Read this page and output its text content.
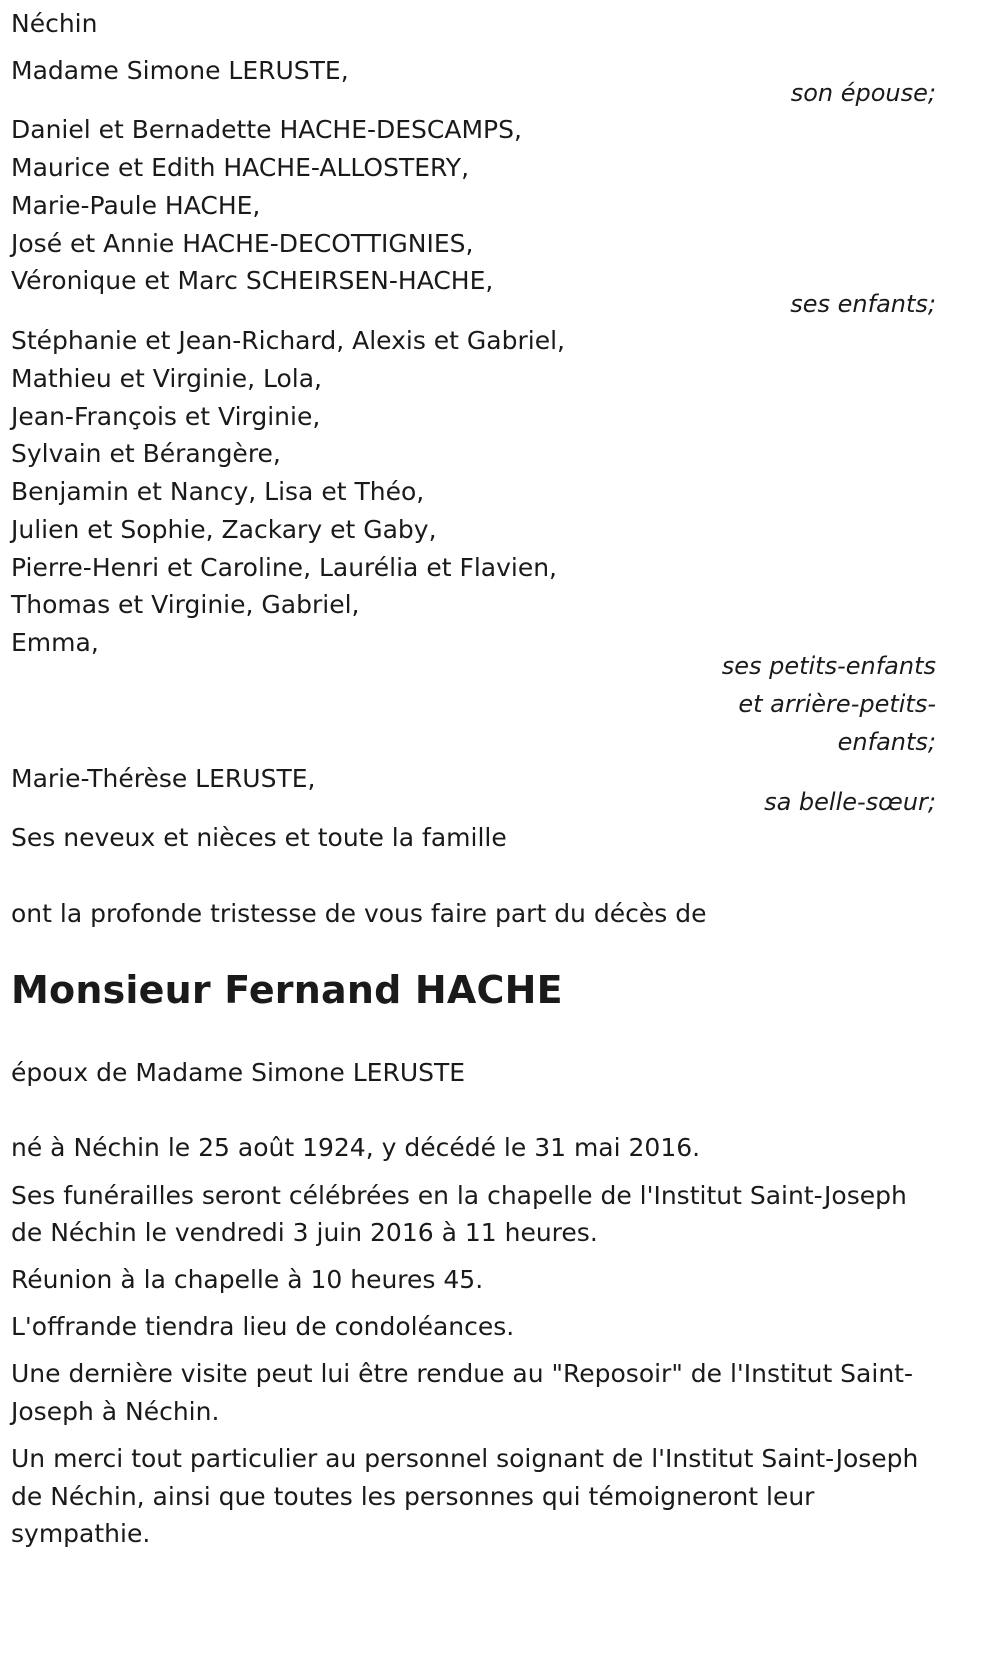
Néchin
Madame Simone LERUSTE,
son épouse;
Daniel et Bernadette HACHE-DESCAMPS,
Maurice et Edith HACHE-ALLOSTERY,
Marie-Paule HACHE,
José et Annie HACHE-DECOTTIGNIES,
Véronique et Marc SCHEIRSEN-HACHE,
ses enfants;
Stéphanie et Jean-Richard, Alexis et Gabriel,
Mathieu et Virginie, Lola,
Jean-François et Virginie,
Sylvain et Bérangère,
Benjamin et Nancy, Lisa et Théo,
Julien et Sophie, Zackary et Gaby,
Pierre-Henri et Caroline, Laurélia et Flavien,
Thomas et Virginie, Gabriel,
Emma,
ses petits-enfants
et arrière-petits-
enfants;
Marie-Thérèse LERUSTE,
sa belle-sœur;
Ses neveux et nièces et toute la famille
ont la profonde tristesse de vous faire part du décès de
Monsieur Fernand HACHE
époux de Madame Simone LERUSTE
né à Néchin le 25 août 1924, y décédé le 31 mai 2016.
Ses funérailles seront célébrées en la chapelle de l'Institut Saint-Joseph
de Néchin le vendredi 3 juin 2016 à 11 heures.
Réunion à la chapelle à 10 heures 45.
L'offrande tiendra lieu de condoléances.
Une dernière visite peut lui être rendue au "Reposoir" de l'Institut Saint-
Joseph à Néchin.
Un merci tout particulier au personnel soignant de l'Institut Saint-Joseph
de Néchin, ainsi que toutes les personnes qui témoigneront leur
sympathie.
